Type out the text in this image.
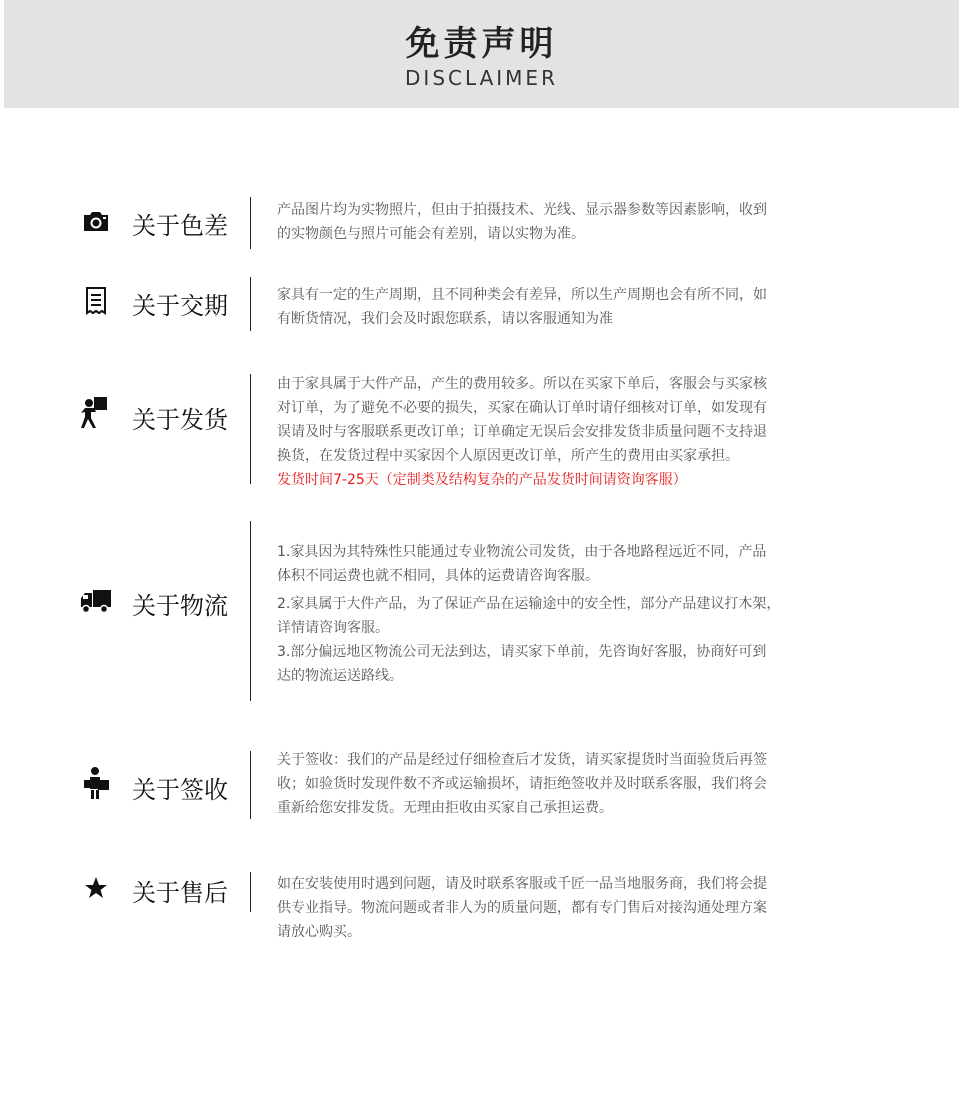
免责声明
DISCLAIMER
关于色差

产品图片均为实物照片，但由于拍摄技术、光线、显示器参数等因素影响，收到

的实物颜色与照片可能会有差别，请以实物为准。

关于交期	家具有一定的生产周期，且不同种类会有差异，所以生产周期也会有所不同，如

有断货情况，我们会及时跟您联系，请以客服通知为准

关于发货

由于家具属于大件产品，产生的费用较多。所以在买家下单后，客服会与买家核

对订单，为了避免不必要的损失，买家在确认订单时请仔细核对订单，如发现有

误请及时与客服联系更改订单；订单确定无误后会安排发货非质量问题不支持退

换货，在发货过程中买家因个人原因更改订单，所产生的费用由买家承担。

发货时间7-25天（定制类及结构复杂的产品发货时间请资询客服）

关于物流

1.家具因为其特殊性只能通过专业物流公司发货，由于各地路程远近不同，产品

体积不同运费也就不相同，具体的运费请咨询客服。

2.家具属于大件产品，为了保证产品在运输途中的安全性，部分产品建议打木架，

详情请咨询客服。

3.部分偏远地区物流公司无法到达，请买家下单前，先咨询好客服，协商好可到

达的物流运送路线。

关于签收

关于签收：我们的产品是经过仔细检查后才发货，请买家提货时当面验货后再签

收；如验货时发现件数不齐或运输损坏，请拒绝签收并及时联系客服，我们将会

重新给您安排发货。无理由拒收由买家自己承担运费。

关于售后	如在安装使用时遇到问题，请及时联系客服或千匠一品当地服务商，我们将会提

供专业指导。物流问题或者非人为的质量问题，都有专门售后对接沟通处理方案

请放心购买。
